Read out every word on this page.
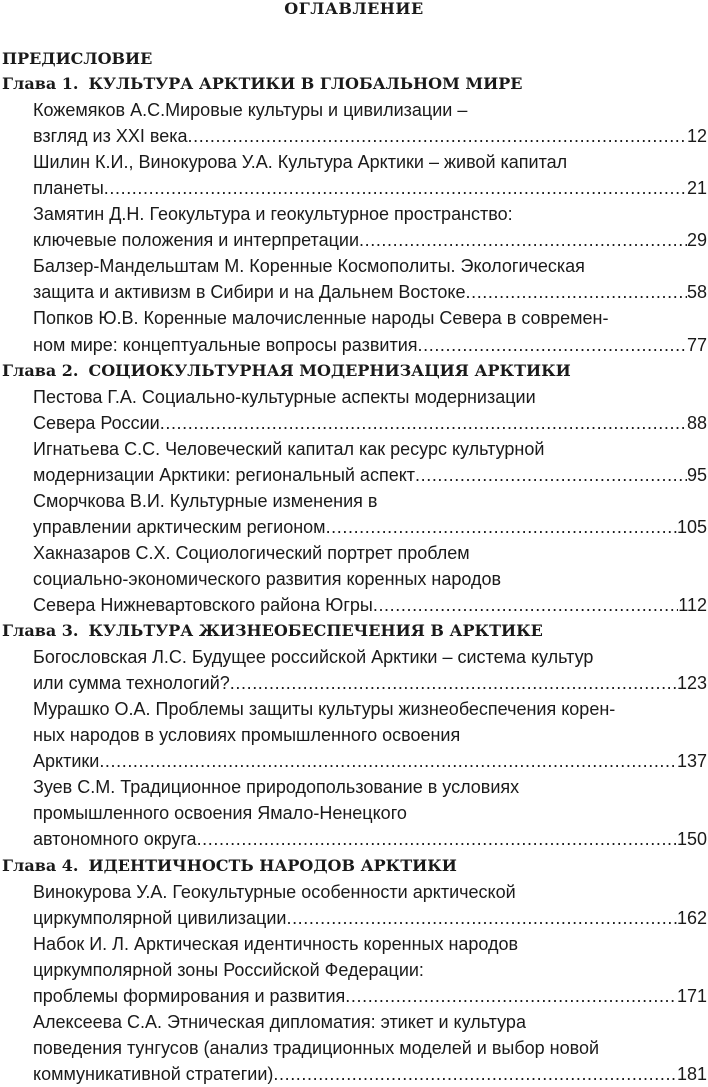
ОГЛАВЛЕНИЕ
ПРЕДИСЛОВИЕ
Глава 1. КУЛЬТУРА АРКТИКИ В ГЛОБАЛЬНОМ МИРЕ
Кожемяков А.С.Мировые культуры и цивилизации –
взгляд из XXI века .....	12
Шилин К.И., Винокурова У.А. Культура Арктики – живой капитал
планеты .....	21
Замятин Д.Н. Геокультура и геокультурное пространство:
ключевые положения и интерпретации .....	29
Балзер-Мандельштам М. Коренные Космополиты. Экологическая
защита и активизм в Сибири и на Дальнем Востоке .....	58
Попков Ю.В. Коренные малочисленные народы Севера в современ-
ном мире: концептуальные вопросы развития .....	77
Глава 2. СОЦИОКУЛЬТУРНАЯ МОДЕРНИЗАЦИЯ АРКТИКИ
Пестова Г.А. Социально-культурные аспекты модернизации
Севера России .....	88
Игнатьева С.С. Человеческий капитал как ресурс культурной
модернизации Арктики: региональный аспект .....	95
Сморчкова В.И. Культурные изменения в
управлении арктическим регионом .....	105
Хакназаров С.Х. Социологический портрет проблем
социально-экономического развития коренных народов
Севера Нижневартовского района Югры .....	112
Глава 3. КУЛЬТУРА ЖИЗНЕОБЕСПЕЧЕНИЯ В АРКТИКЕ
Богословская Л.С. Будущее российской Арктики – система культур
или сумма технологий? .....	123
Мурашко О.А. Проблемы защиты культуры жизнеобеспечения корен-
ных народов в условиях промышленного освоения
Арктики .....	137
Зуев С.М. Традиционное природопользование в условиях
промышленного освоения Ямало-Ненецкого
автономного округа .....	150
Глава 4. ИДЕНТИЧНОСТЬ НАРОДОВ АРКТИКИ
Винокурова У.А. Геокультурные особенности арктической
циркумполярной цивилизации .....	162
Набок И. Л. Арктическая идентичность коренных народов
циркумполярной зоны Российской Федерации:
проблемы формирования и развития .....	171
Алексеева С.А. Этническая дипломатия: этикет и культура
поведения тунгусов (анализ традиционных моделей и выбор новой
коммуникативной стратегии) .....	181
